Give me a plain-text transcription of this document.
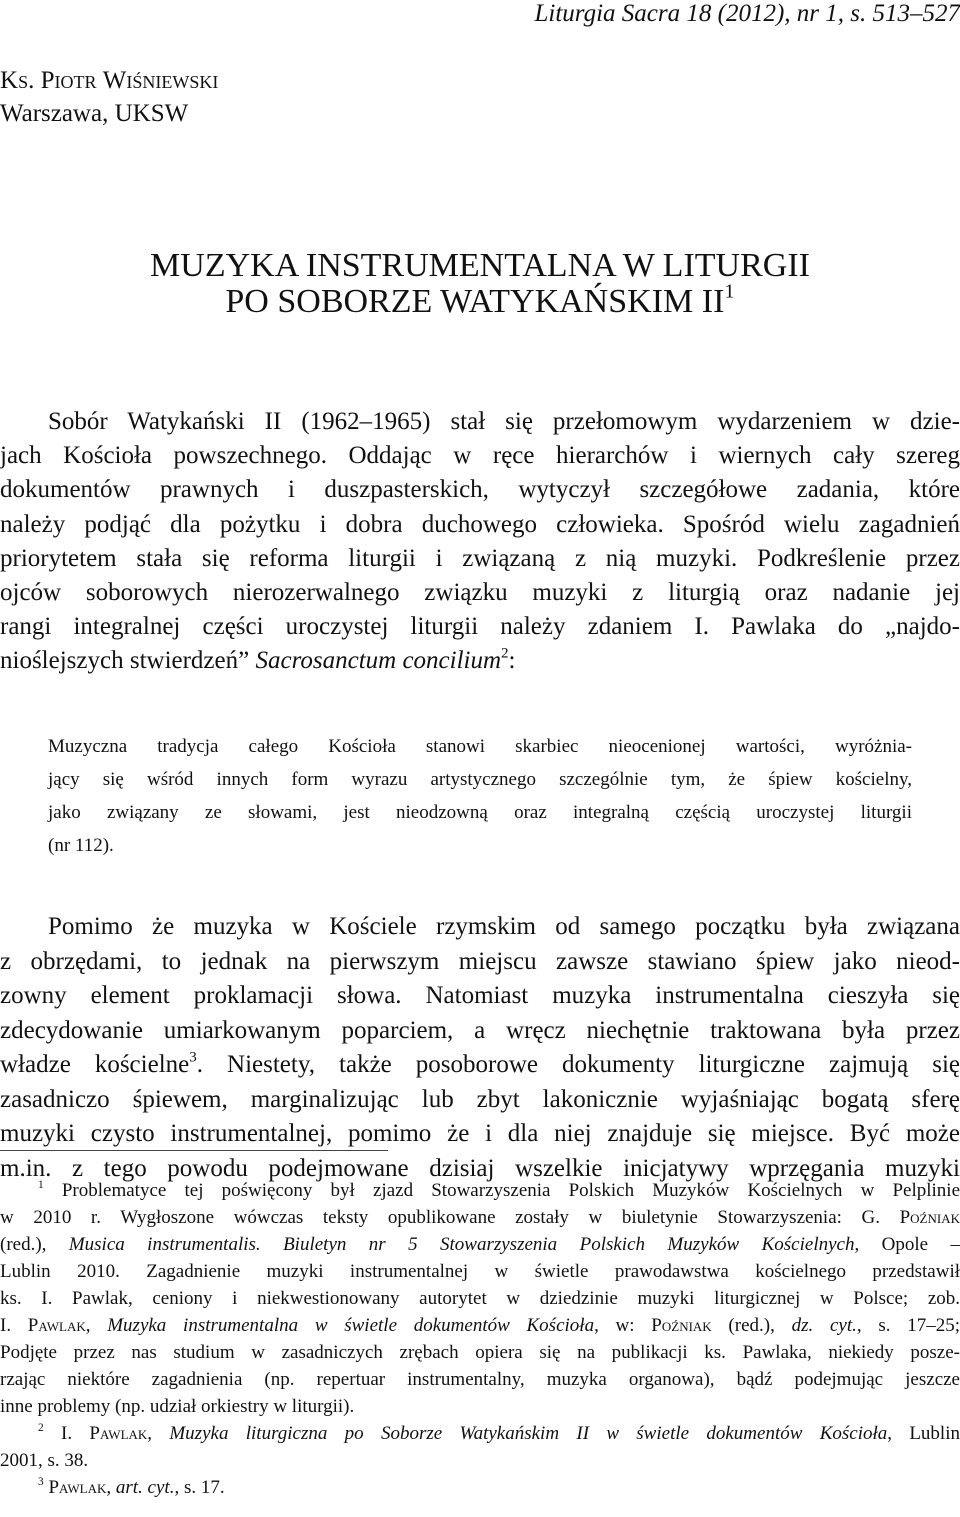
Liturgia Sacra 18 (2012), nr 1, s. 513–527
Ks. Piotr Wiśniewski
Warszawa, UKSW
MUZYKA INSTRUMENTALNA W LITURGII
PO SOBORZE WATYKAŃSKIM $II^1$
Sobór Watykański II (1962–1965) stał się przełomowym wydarzeniem w dzie-
jach Kościoła powszechnego. Oddając w ręce hierarchów i wiernych cały szereg
dokumentów prawnych i duszpasterskich, wytyczył szczegółowe zadania, które
należy podjąć dla pożytku i dobra duchowego człowieka. Spośród wielu zagadnień
priorytetem stała się reforma liturgii i związaną z nią muzyki. Podkreślenie przez
ojców soborowych nierozerwalnego związku muzyki z liturgią oraz nadanie jej
rangi integralnej części uroczystej liturgii należy zdaniem I. Pawlaka do „najdo-
nioślejszych stwierdzeń” Sacrosanctum concilium$^2$:
Muzyczna tradycja całego Kościoła stanowi skarbiec nieocenionej wartości, wyróżnia-
jący się wśród innych form wyrazu artystycznego szczególnie tym, że śpiew kościelny,
jako związany ze słowami, jest nieodzowną oraz integralną częścią uroczystej liturgii
(nr 112).
Pomimo że muzyka w Kościele rzymskim od samego początku była związana
z obrzędami, to jednak na pierwszym miejscu zawsze stawiano śpiew jako nieod-
zowny element proklamacji słowa. Natomiast muzyka instrumentalna cieszyła się
zdecydowanie umiarkowanym poparciem, a wręcz niechętnie traktowana była przez
władze kościelne$^3$. Niestety, także posoborowe dokumenty liturgiczne zajmują się
zasadniczo śpiewem, marginalizując lub zbyt lakonicznie wyjaśniając bogatą sferę
muzyki czysto instrumentalnej, pomimo że i dla niej znajduje się miejsce. Być może
m.in. z tego powodu podejmowane dzisiaj wszelkie inicjatywy wprzęgania muzyki
$^1$ Problematyce tej poświęcony był zjazd Stowarzyszenia Polskich Muzyków Kościelnych w Pelplinie
w 2010 r. Wygłoszone wówczas teksty opublikowane zostały w biuletynie Stowarzyszenia: G. Poźniak
(red.), Musica instrumentalis. Biuletyn nr 5 Stowarzyszenia Polskich Muzyków Kościelnych, Opole –
Lublin 2010. Zagadnienie muzyki instrumentalnej w świetle prawodawstwa kościelnego przedstawił
ks. I. Pawlak, ceniony i niekwestionowany autorytet w dziedzinie muzyki liturgicznej w Polsce; zob.
I. Pawlak, Muzyka instrumentalna w świetle dokumentów Kościoła, w: Poźniak (red.), dz. cyt., s. 17–25;
Podjęte przez nas studium w zasadniczych zrębach opiera się na publikacji ks. Pawlaka, niekiedy posze-
rzając niektóre zagadnienia (np. repertuar instrumentalny, muzyka organowa), bądź podejmując jeszcze
inne problemy (np. udział orkiestry w liturgii).
$^2$ I. Pawlak, Muzyka liturgiczna po Soborze Watykańskim II w świetle dokumentów Kościoła, Lublin
2001, s. 38.
$^3$ Pawlak, art. cyt., s. 17.
